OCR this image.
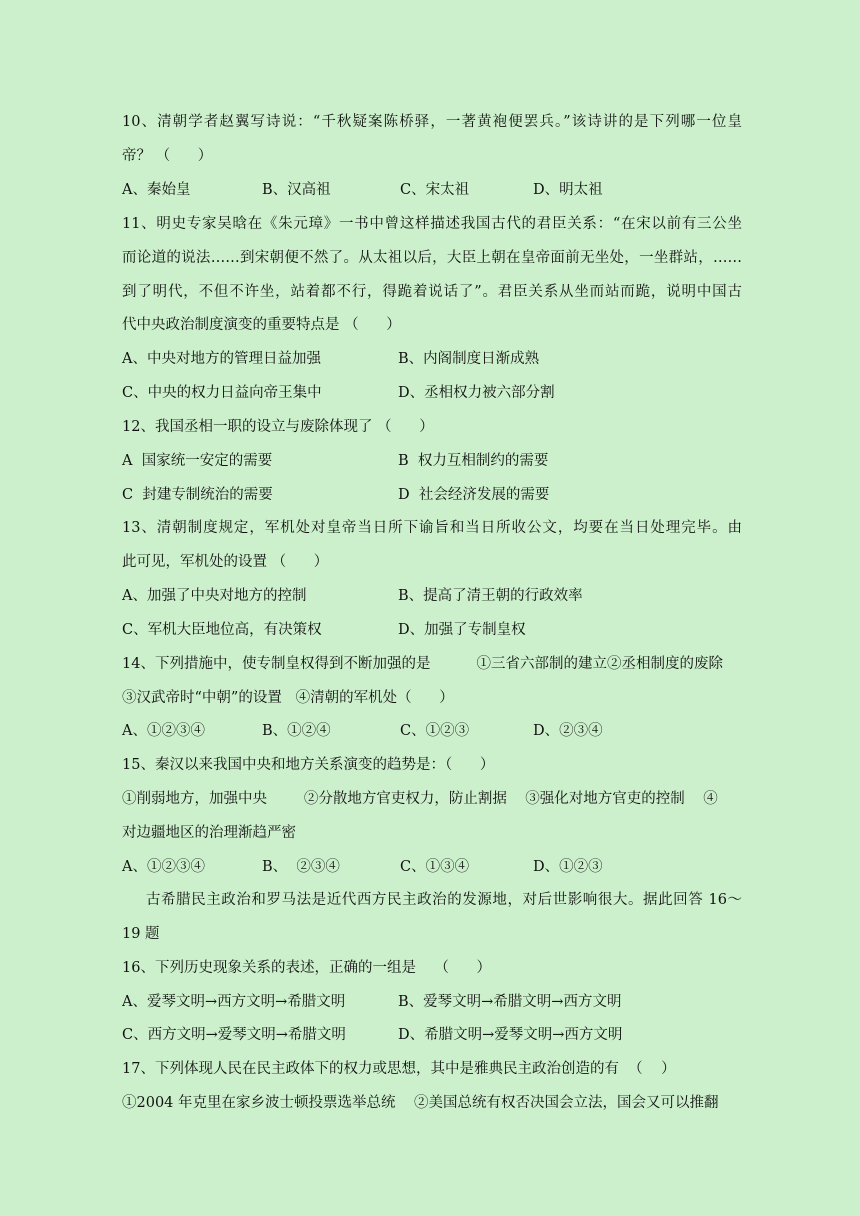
10、清朝学者赵翼写诗说：“千秋疑案陈桥驿，一著黄袍便罢兵。”该诗讲的是下列哪一位皇
帝？ （      ）
A、秦始皇	B、汉高祖	C、宋太祖	D、明太祖
11、明史专家吴晗在《朱元璋》一书中曾这样描述我国古代的君臣关系：“在宋以前有三公坐
而论道的说法……到宋朝便不然了。从太祖以后，大臣上朝在皇帝面前无坐处，一坐群站，……
到了明代，不但不许坐，站着都不行，得跪着说话了”。君臣关系从坐而站而跪，说明中国古
代中央政治制度演变的重要特点是 （      ）
A、中央对地方的管理日益加强	B、内阁制度日渐成熟
C、中央的权力日益向帝王集中	D、丞相权力被六部分割
12、我国丞相一职的设立与废除体现了 （      ）
A  国家统一安定的需要	B  权力互相制约的需要
C  封建专制统治的需要	D  社会经济发展的需要
13、清朝制度规定，军机处对皇帝当日所下谕旨和当日所收公文，均要在当日处理完毕。由
此可见，军机处的设置 （      ）
A、加强了中央对地方的控制	B、提高了清王朝的行政效率
C、军机大臣地位高，有决策权	D、加强了专制皇权
14、下列措施中，使专制皇权得到不断加强的是          ①三省六部制的建立②丞相制度的废除
③汉武帝时“中朝”的设置   ④清朝的军机处（      ）
A、①②③④	B、①②④	C、①②③	D、②③④
15、秦汉以来我国中央和地方关系演变的趋势是：（      ）
①削弱地方，加强中央        ②分散地方官吏权力，防止割据    ③强化对地方官吏的控制    ④
对边疆地区的治理渐趋严密
A、①②③④	B、  ②③④	C、①③④	D、①②③
古希腊民主政治和罗马法是近代西方民主政治的发源地，对后世影响很大。据此回答 16～
19 题
16、下列历史现象关系的表述，正确的一组是    （      ）
A、爱琴文明→西方文明→希腊文明	B、爱琴文明→希腊文明→西方文明
C、西方文明→爱琴文明→希腊文明	D、希腊文明→爱琴文明→西方文明
17、下列体现人民在民主政体下的权力或思想，其中是雅典民主政治创造的有  （    ）
①2004 年克里在家乡波士顿投票选举总统    ②美国总统有权否决国会立法，国会又可以推翻
